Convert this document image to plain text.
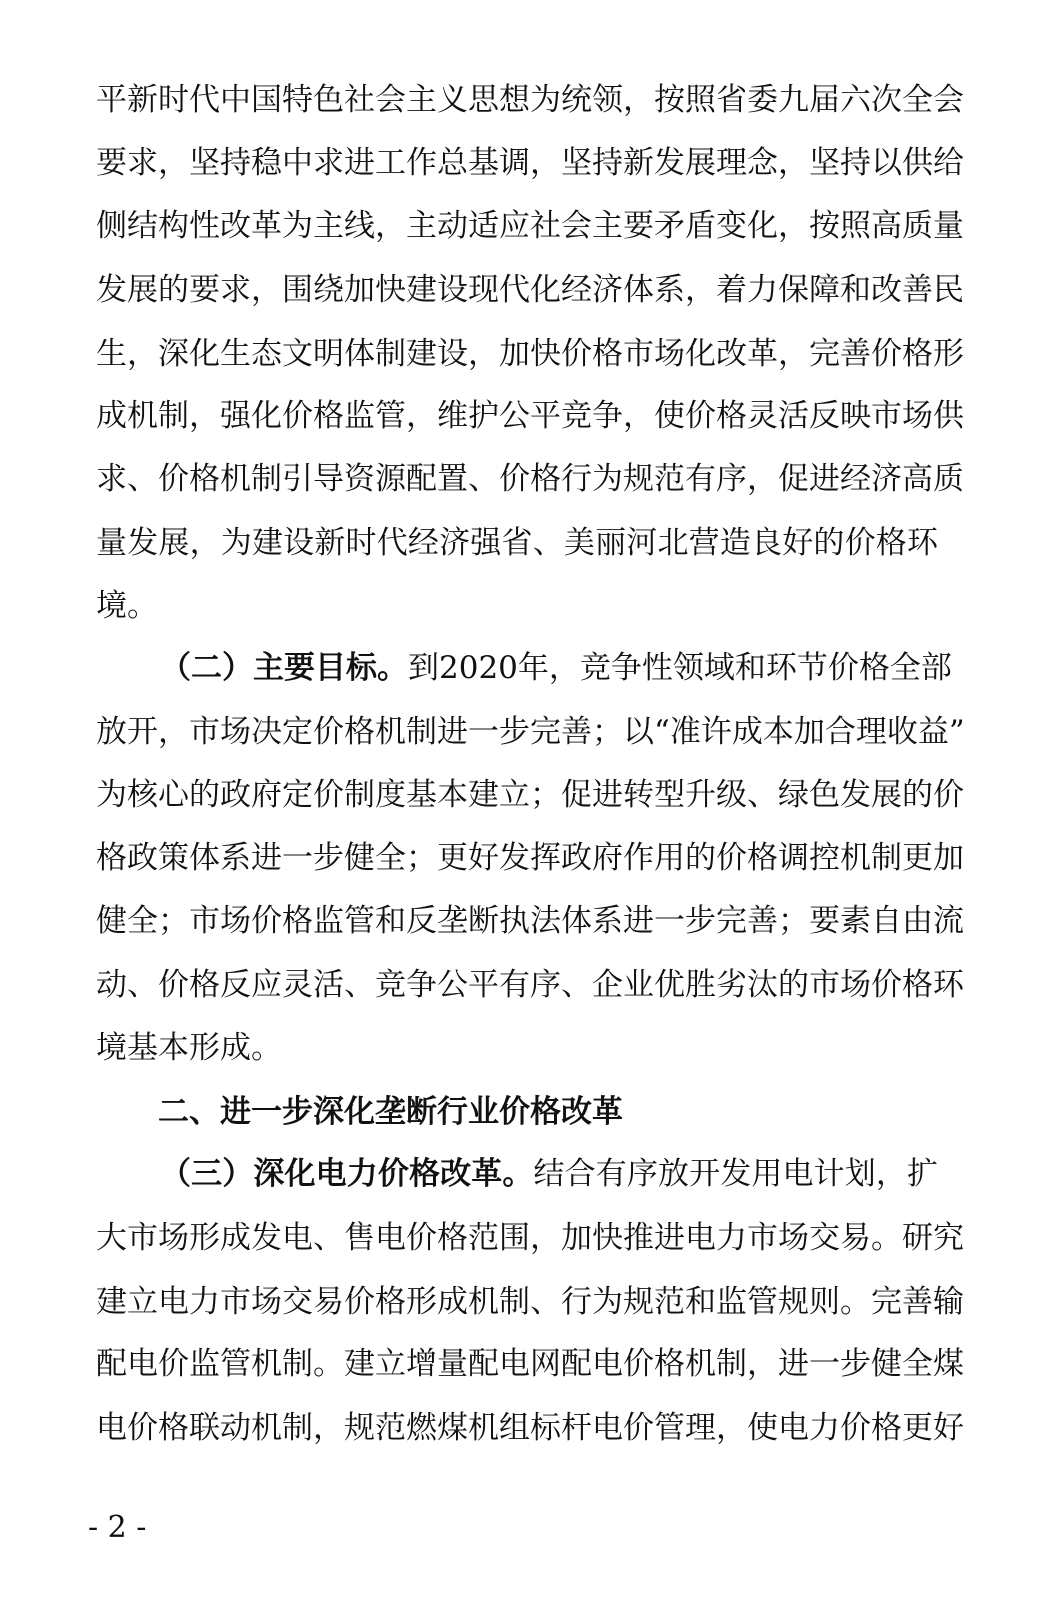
平新时代中国特色社会主义思想为统领，按照省委九届六次全会
要求，坚持稳中求进工作总基调，坚持新发展理念，坚持以供给
侧结构性改革为主线，主动适应社会主要矛盾变化，按照高质量
发展的要求，围绕加快建设现代化经济体系，着力保障和改善民
生，深化生态文明体制建设，加快价格市场化改革，完善价格形
成机制，强化价格监管，维护公平竞争，使价格灵活反映市场供
求、价格机制引导资源配置、价格行为规范有序，促进经济高质
量发展，为建设新时代经济强省、美丽河北营造良好的价格环
境。
（二）主要目标。到2020年，竞争性领域和环节价格全部
放开，市场决定价格机制进一步完善；以“准许成本加合理收益”
为核心的政府定价制度基本建立；促进转型升级、绿色发展的价
格政策体系进一步健全；更好发挥政府作用的价格调控机制更加
健全；市场价格监管和反垄断执法体系进一步完善；要素自由流
动、价格反应灵活、竞争公平有序、企业优胜劣汰的市场价格环
境基本形成。
二、进一步深化垄断行业价格改革
（三）深化电力价格改革。结合有序放开发用电计划，扩
大市场形成发电、售电价格范围，加快推进电力市场交易。研究
建立电力市场交易价格形成机制、行为规范和监管规则。完善输
配电价监管机制。建立增量配电网配电价格机制，进一步健全煤
电价格联动机制，规范燃煤机组标杆电价管理，使电力价格更好
- 2 -
